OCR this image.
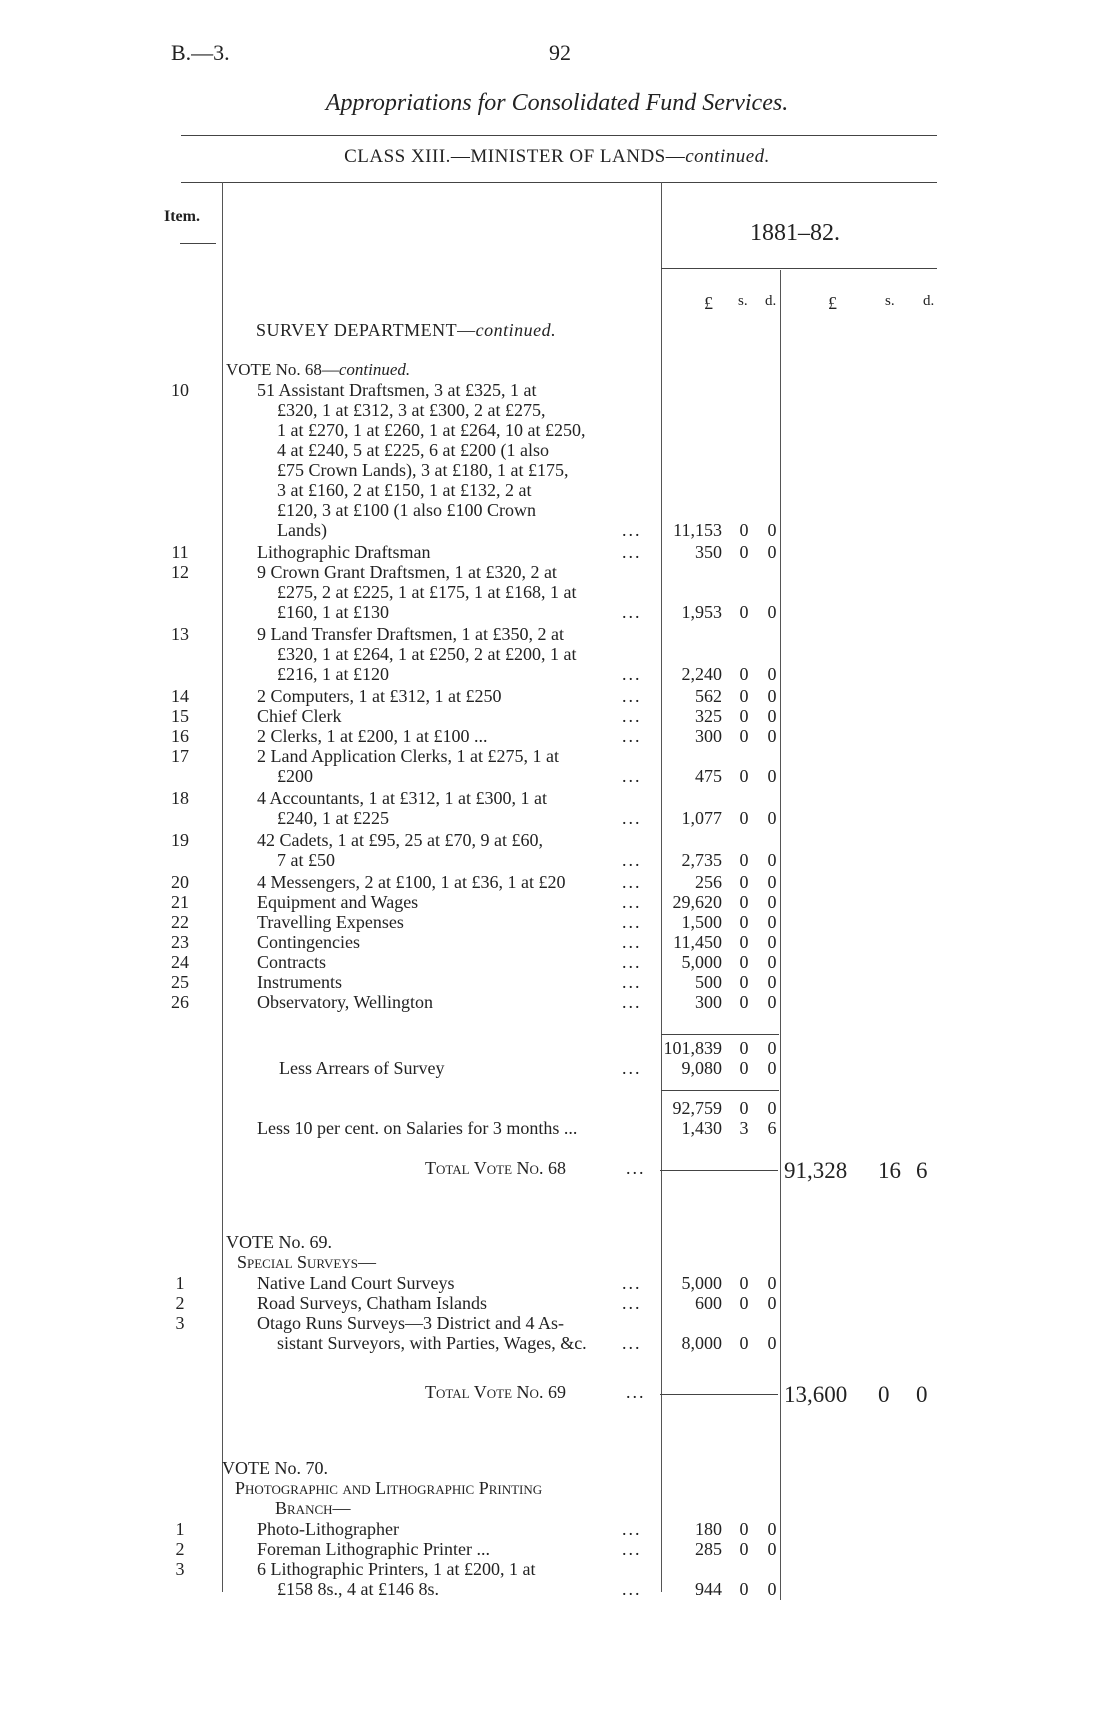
B.—3.	92
Appropriations for Consolidated Fund Services.
CLASS XIII.—MINISTER OF LANDS—continued.
Item.
1881–82.
£ s. d.	£	s. d.
SURVEY DEPARTMENT—continued.
VOTE No. 68—continued.
10	51 Assistant Draftsmen, 3 at £325, 1 at
£320, 1 at £312, 3 at £300, 2 at £275,
1 at £270, 1 at £260, 1 at £264, 10 at £250,
4 at £240, 5 at £225, 6 at £200 (1 also
£75 Crown Lands), 3 at £180, 1 at £175,
3 at £160, 2 at £150, 1 at £132, 2 at
£120, 3 at £100 (1 also £100 Crown
Lands)	...	11,153 0	0
11	Lithographic Draftsman	...	350 0	0
12	9 Crown Grant Draftsmen, 1 at £320, 2 at
£275, 2 at £225, 1 at £175, 1 at £168, 1 at
£160, 1 at £130	...	1,953 0	0
13	9 Land Transfer Draftsmen, 1 at £350, 2 at
£320, 1 at £264, 1 at £250, 2 at £200, 1 at
£216, 1 at £120	...	2,240 0	0
14	2 Computers, 1 at £312, 1 at £250	...	562 0	0
15	Chief Clerk	...	325 0	0
16	2 Clerks, 1 at £200, 1 at £100 ...	...	300 0	0
17	2 Land Application Clerks, 1 at £275, 1 at
£200	...	475 0	0
18	4 Accountants, 1 at £312, 1 at £300, 1 at
£240, 1 at £225	...	1,077 0	0
19	42 Cadets, 1 at £95, 25 at £70, 9 at £60,
7 at £50	...	2,735 0	0
20	4 Messengers, 2 at £100, 1 at £36, 1 at £20	...	256 0	0
21	Equipment and Wages	...	29,620 0	0
22	Travelling Expenses	...	1,500 0	0
23	Contingencies	...	11,450 0	0
24	Contracts	...	5,000 0	0
25	Instruments	...	500 0	0
26	Observatory, Wellington	...	300 0	0
101,839 0	0
Less Arrears of Survey	...	9,080 0	0
92,759 0	0
Less 10 per cent. on Salaries for 3 months ...	1,430 3	6
Total Vote No. 68	...	91,328 16 6
VOTE No. 69.
Special Surveys—
1	Native Land Court Surveys	...	5,000 0	0
2	Road Surveys, Chatham Islands	...	600 0	0
3	Otago Runs Surveys—3 District and 4 As-
sistant Surveyors, with Parties, Wages, &c. ...	8,000 0	0
Total Vote No. 69	...	13,600 0 0
VOTE No. 70.
Photographic and Lithographic Printing
Branch—
1	Photo-Lithographer	...	180 0	0
2	Foreman Lithographic Printer ...	...	285 0	0
3	6 Lithographic Printers, 1 at £200, 1 at
£158 8s., 4 at £146 8s.	...	944 0	0
